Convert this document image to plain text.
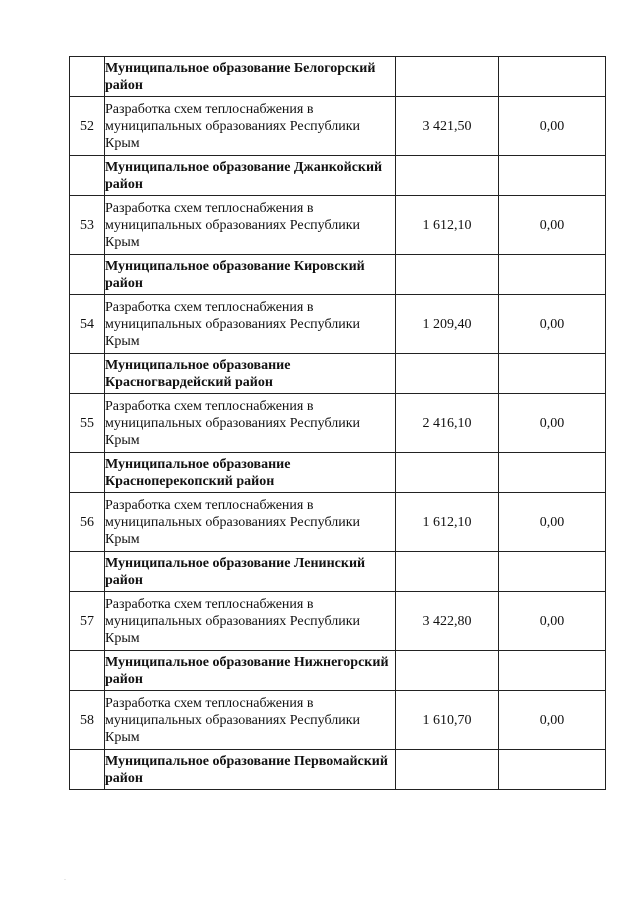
	Муниципальное образование Белогорский район		
52	Разработка схем теплоснабжения в муниципальных образованиях Республики Крым	3 421,50	0,00
	Муниципальное образование Джанкойский район		
53	Разработка схем теплоснабжения в муниципальных образованиях Республики Крым	1 612,10	0,00
	Муниципальное образование Кировский район		
54	Разработка схем теплоснабжения в муниципальных образованиях Республики Крым	1 209,40	0,00
	Муниципальное образование Красногвардейский район		
55	Разработка схем теплоснабжения в муниципальных образованиях Республики Крым	2 416,10	0,00
	Муниципальное образование Красноперекопский район		
56	Разработка схем теплоснабжения в муниципальных образованиях Республики Крым	1 612,10	0,00
	Муниципальное образование Ленинский район		
57	Разработка схем теплоснабжения в муниципальных образованиях Республики Крым	3 422,80	0,00
	Муниципальное образование Нижнегорский район		
58	Разработка схем теплоснабжения в муниципальных образованиях Республики Крым	1 610,70	0,00
	Муниципальное образование Первомайский район		
·
